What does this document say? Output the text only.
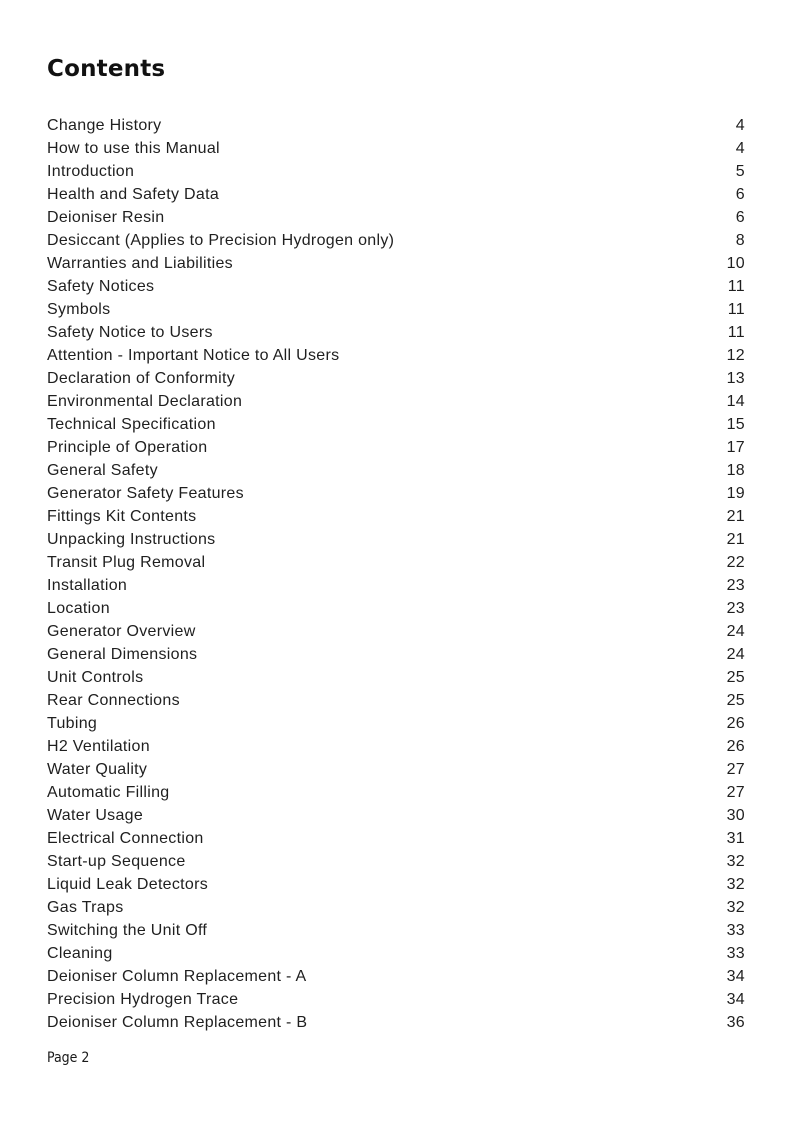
Contents
Change History	4
How to use this Manual	4
Introduction	5
Health and Safety Data	6
Deioniser Resin	6
Desiccant (Applies to Precision Hydrogen only)	8
Warranties and Liabilities	10
Safety Notices	11
Symbols	11
Safety Notice to Users	11
Attention - Important Notice to All Users	12
Declaration of Conformity	13
Environmental Declaration	14
Technical Specification	15
Principle of Operation	17
General Safety	18
Generator Safety Features	19
Fittings Kit Contents	21
Unpacking Instructions	21
Transit Plug Removal	22
Installation	23
Location	23
Generator Overview	24
General Dimensions	24
Unit Controls	25
Rear Connections	25
Tubing	26
H2 Ventilation	26
Water Quality	27
Automatic Filling	27
Water Usage	30
Electrical Connection	31
Start-up Sequence	32
Liquid Leak Detectors	32
Gas Traps	32
Switching the Unit Off	33
Cleaning	33
Deioniser Column Replacement - A	34
Precision Hydrogen Trace	34
Deioniser Column Replacement - B	36
Page 2
